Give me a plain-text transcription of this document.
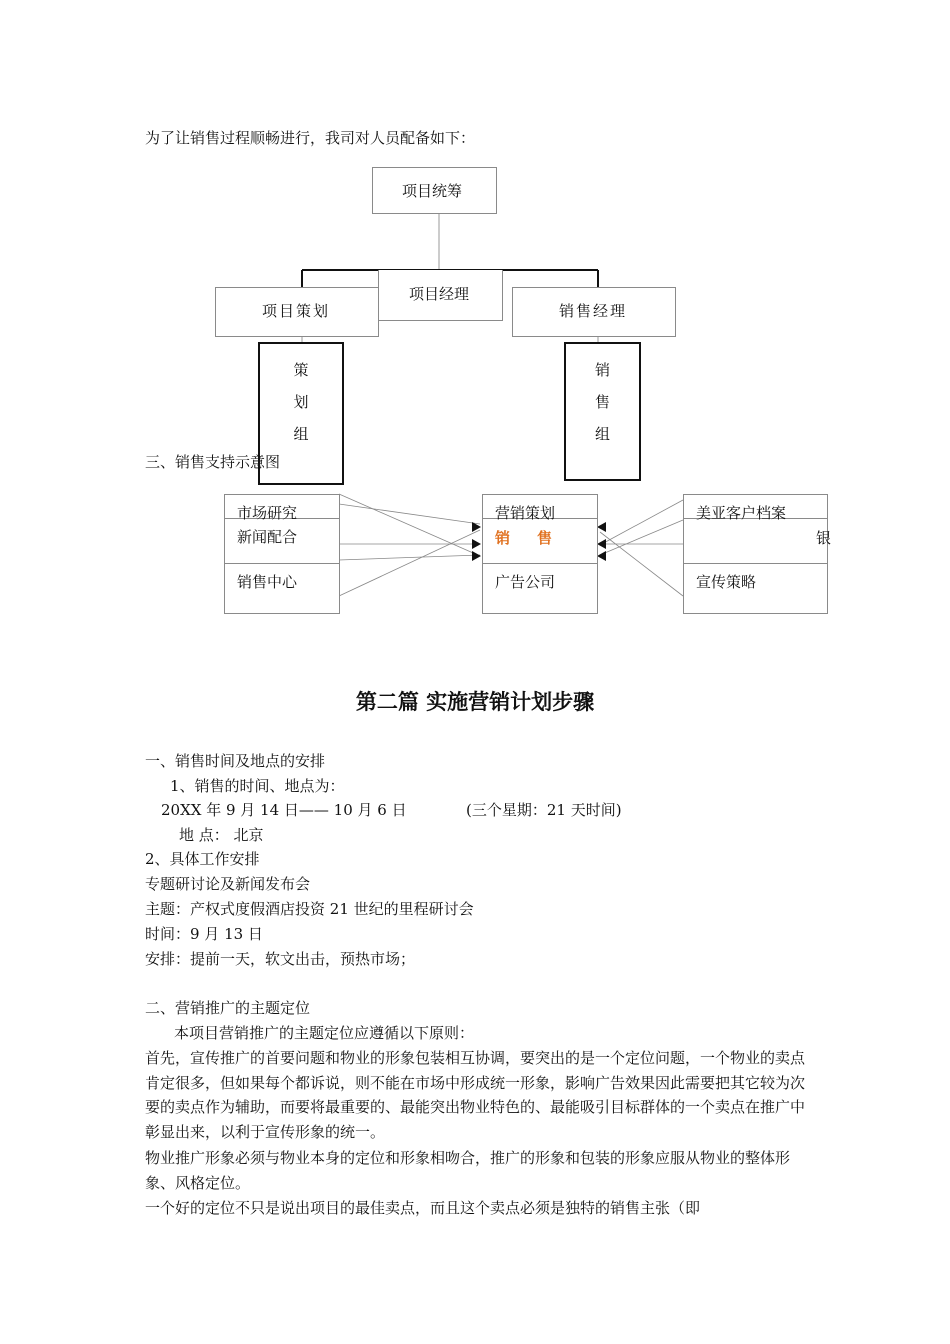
为了让销售过程顺畅进行，我司对人员配备如下：
项目统筹
项目经理
项目策划	销售经理
策
划
组
销
售
组
三、销售支持示意图
市场研究
新闻配合
销售中心
营销策划
销 售
广告公司
美亚客户档案
银
宣传策略
第二篇 实施营销计划步骤
一、销售时间及地点的安排
1、销售的时间、地点为：
20XX 年 9 月 14 日—— 10 月 6 日	(三个星期：21 天时间)
地 点： 北京
2、具体工作安排
专题研讨论及新闻发布会
主题：产权式度假酒店投资 21 世纪的里程研讨会
时间：9 月 13 日
安排：提前一天，软文出击，预热市场；
二、营销推广的主题定位
本项目营销推广的主题定位应遵循以下原则：
首先，宣传推广的首要问题和物业的形象包装相互协调，要突出的是一个定位问题，一个物业的卖点肯定很多，但如果每个都诉说，则不能在市场中形成统一形象，影响广告效果因此需要把其它较为次要的卖点作为辅助，而要将最重要的、最能突出物业特色的、最能吸引目标群体的一个卖点在推广中彰显出来，以利于宣传形象的统一。
物业推广形象必须与物业本身的定位和形象相吻合，推广的形象和包装的形象应服从物业的整体形象、风格定位。
一个好的定位不只是说出项目的最佳卖点，而且这个卖点必须是独特的销售主张（即
